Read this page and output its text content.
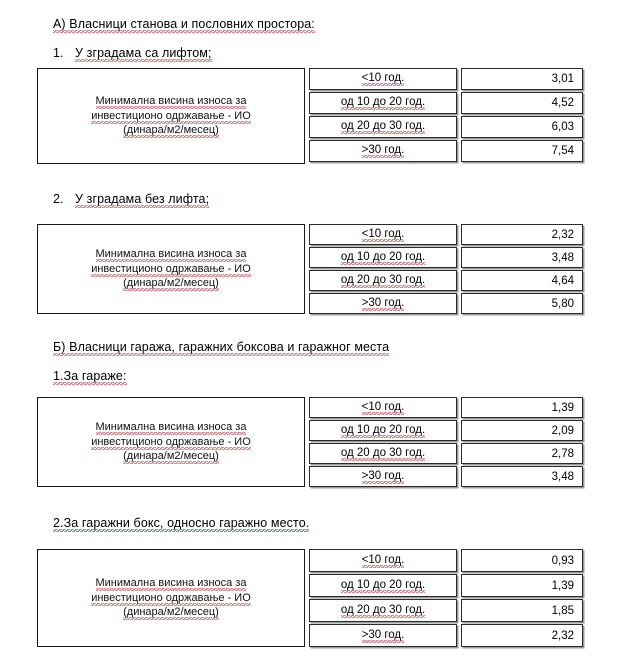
А) Власници станова и пословних простора:
1. У зградама са лифтом;
Минимална висина износа за
инвестиционо одржавање - ИО
(динара/м2/месец)
<10 год.	3,01
од 10 до 20 год.	4,52
од 20 до 30 год.	6,03
>30 год.	7,54
2. У зградама без лифта;
Минимална висина износа за
инвестиционо одржавање - ИО
(динара/м2/месец)
<10 год.	2,32
од 10 до 20 год.	3,48
од 20 до 30 год.	4,64
>30 год.	5,80
Б) Власници гаража, гаражних боксова и гаражног места
1.За гараже:
Минимална висина износа за
инвестиционо одржавање - ИО
(динара/м2/месец)
<10 год.	1,39
од 10 до 20 год.	2,09
од 20 до 30 год.	2,78
>30 год.	3,48
2.За гаражни бокс, односно гаражно место.
Минимална висина износа за
инвестиционо одржавање - ИО
(динара/м2/месец)
<10 год.	0,93
од 10 до 20 год.	1,39
од 20 до 30 год.	1,85
>30 год.	2,32
